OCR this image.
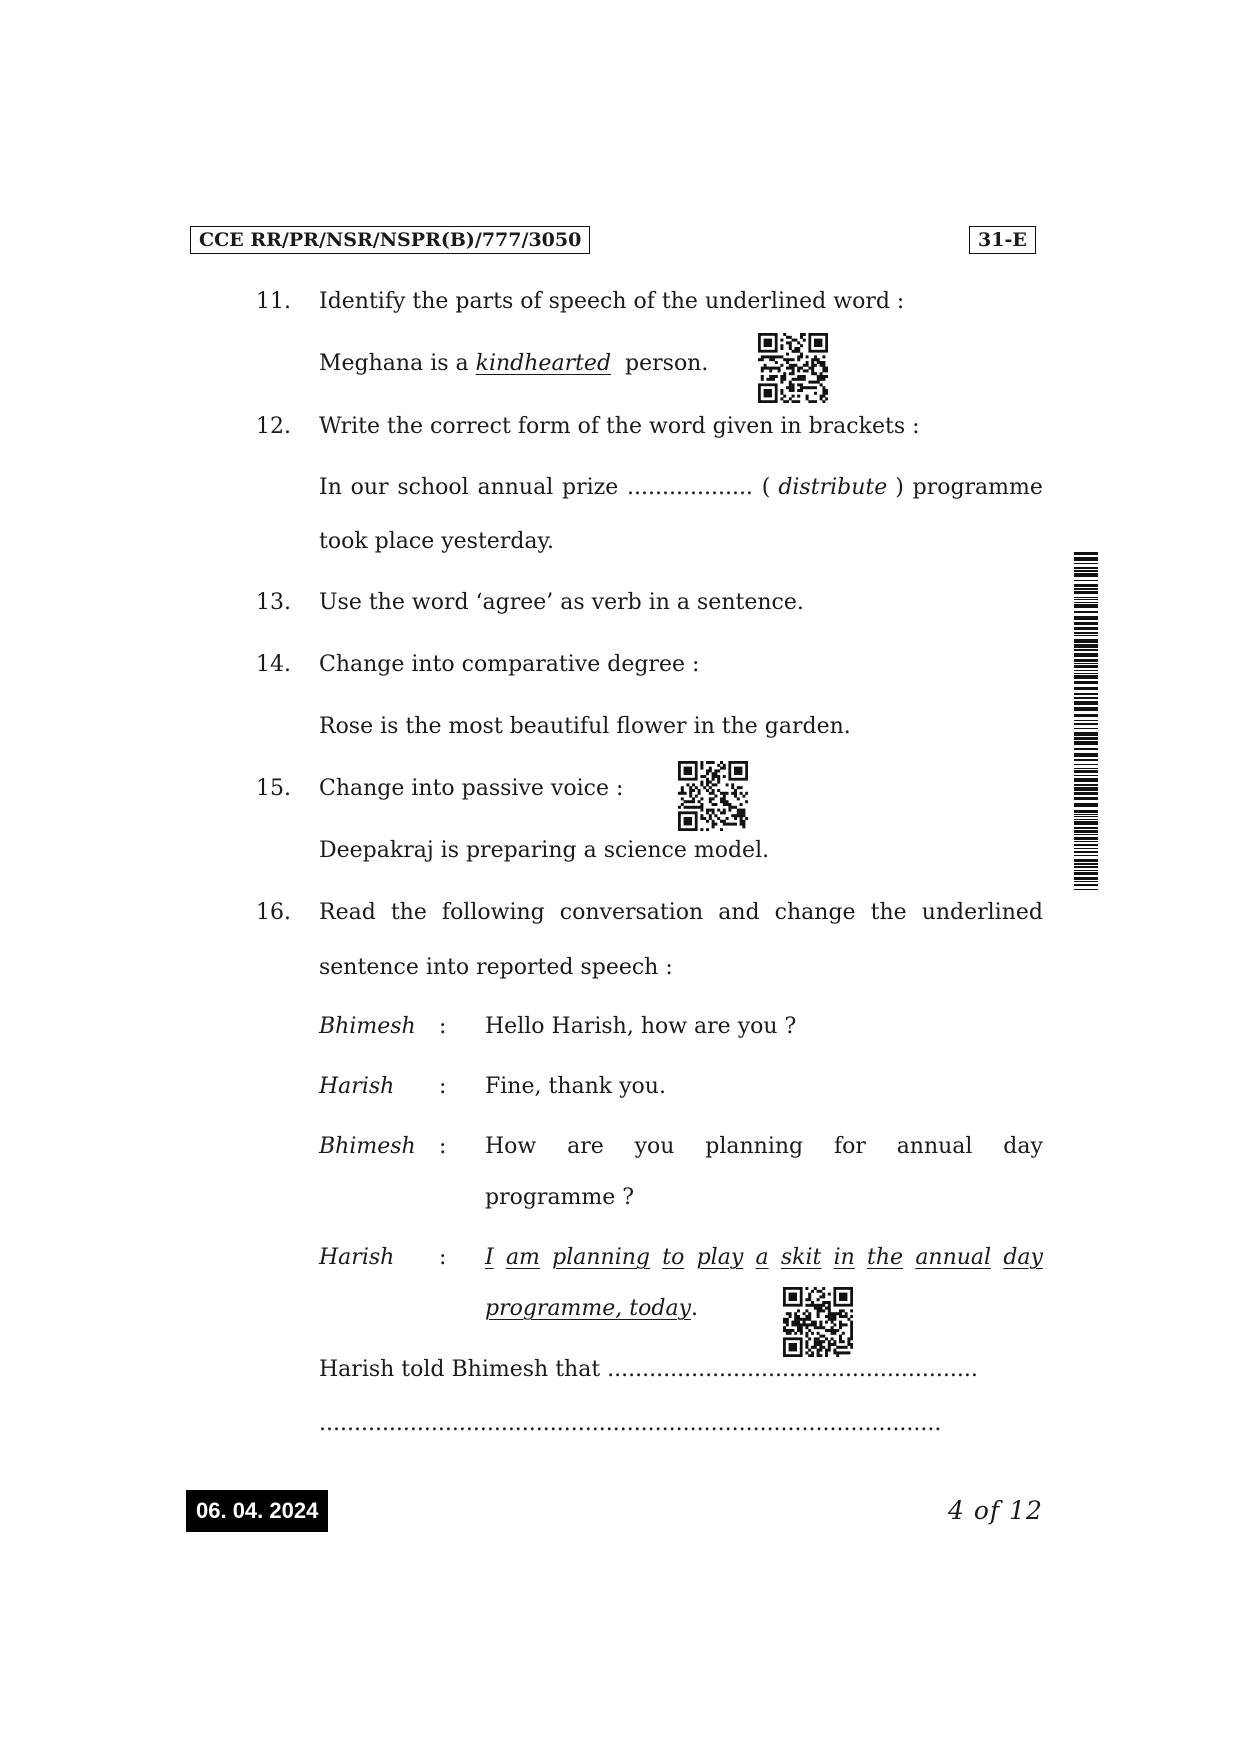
CCE RR/PR/NSR/NSPR(B)/777/3050	31-E
11. Identify the parts of speech of the underlined word :
Meghana is a kindhearted person.
12. Write the correct form of the word given in brackets :
In our school annual prize .................. ( distribute ) programme
took place yesterday.
13. Use the word ‘agree’ as verb in a sentence.
14. Change into comparative degree :
Rose is the most beautiful flower in the garden.
15. Change into passive voice :
Deepakraj is preparing a science model.
16. Read the following conversation and change the underlined
sentence into reported speech :
Bhimesh : Hello Harish, how are you ?
Harish : Fine, thank you.
Bhimesh : How are you planning for annual day
programme ?
Harish : I am planning to play a skit in the annual day
programme, today.
Harish told Bhimesh that .....................................................
.........................................................................................
06. 04. 2024	4 of 12
